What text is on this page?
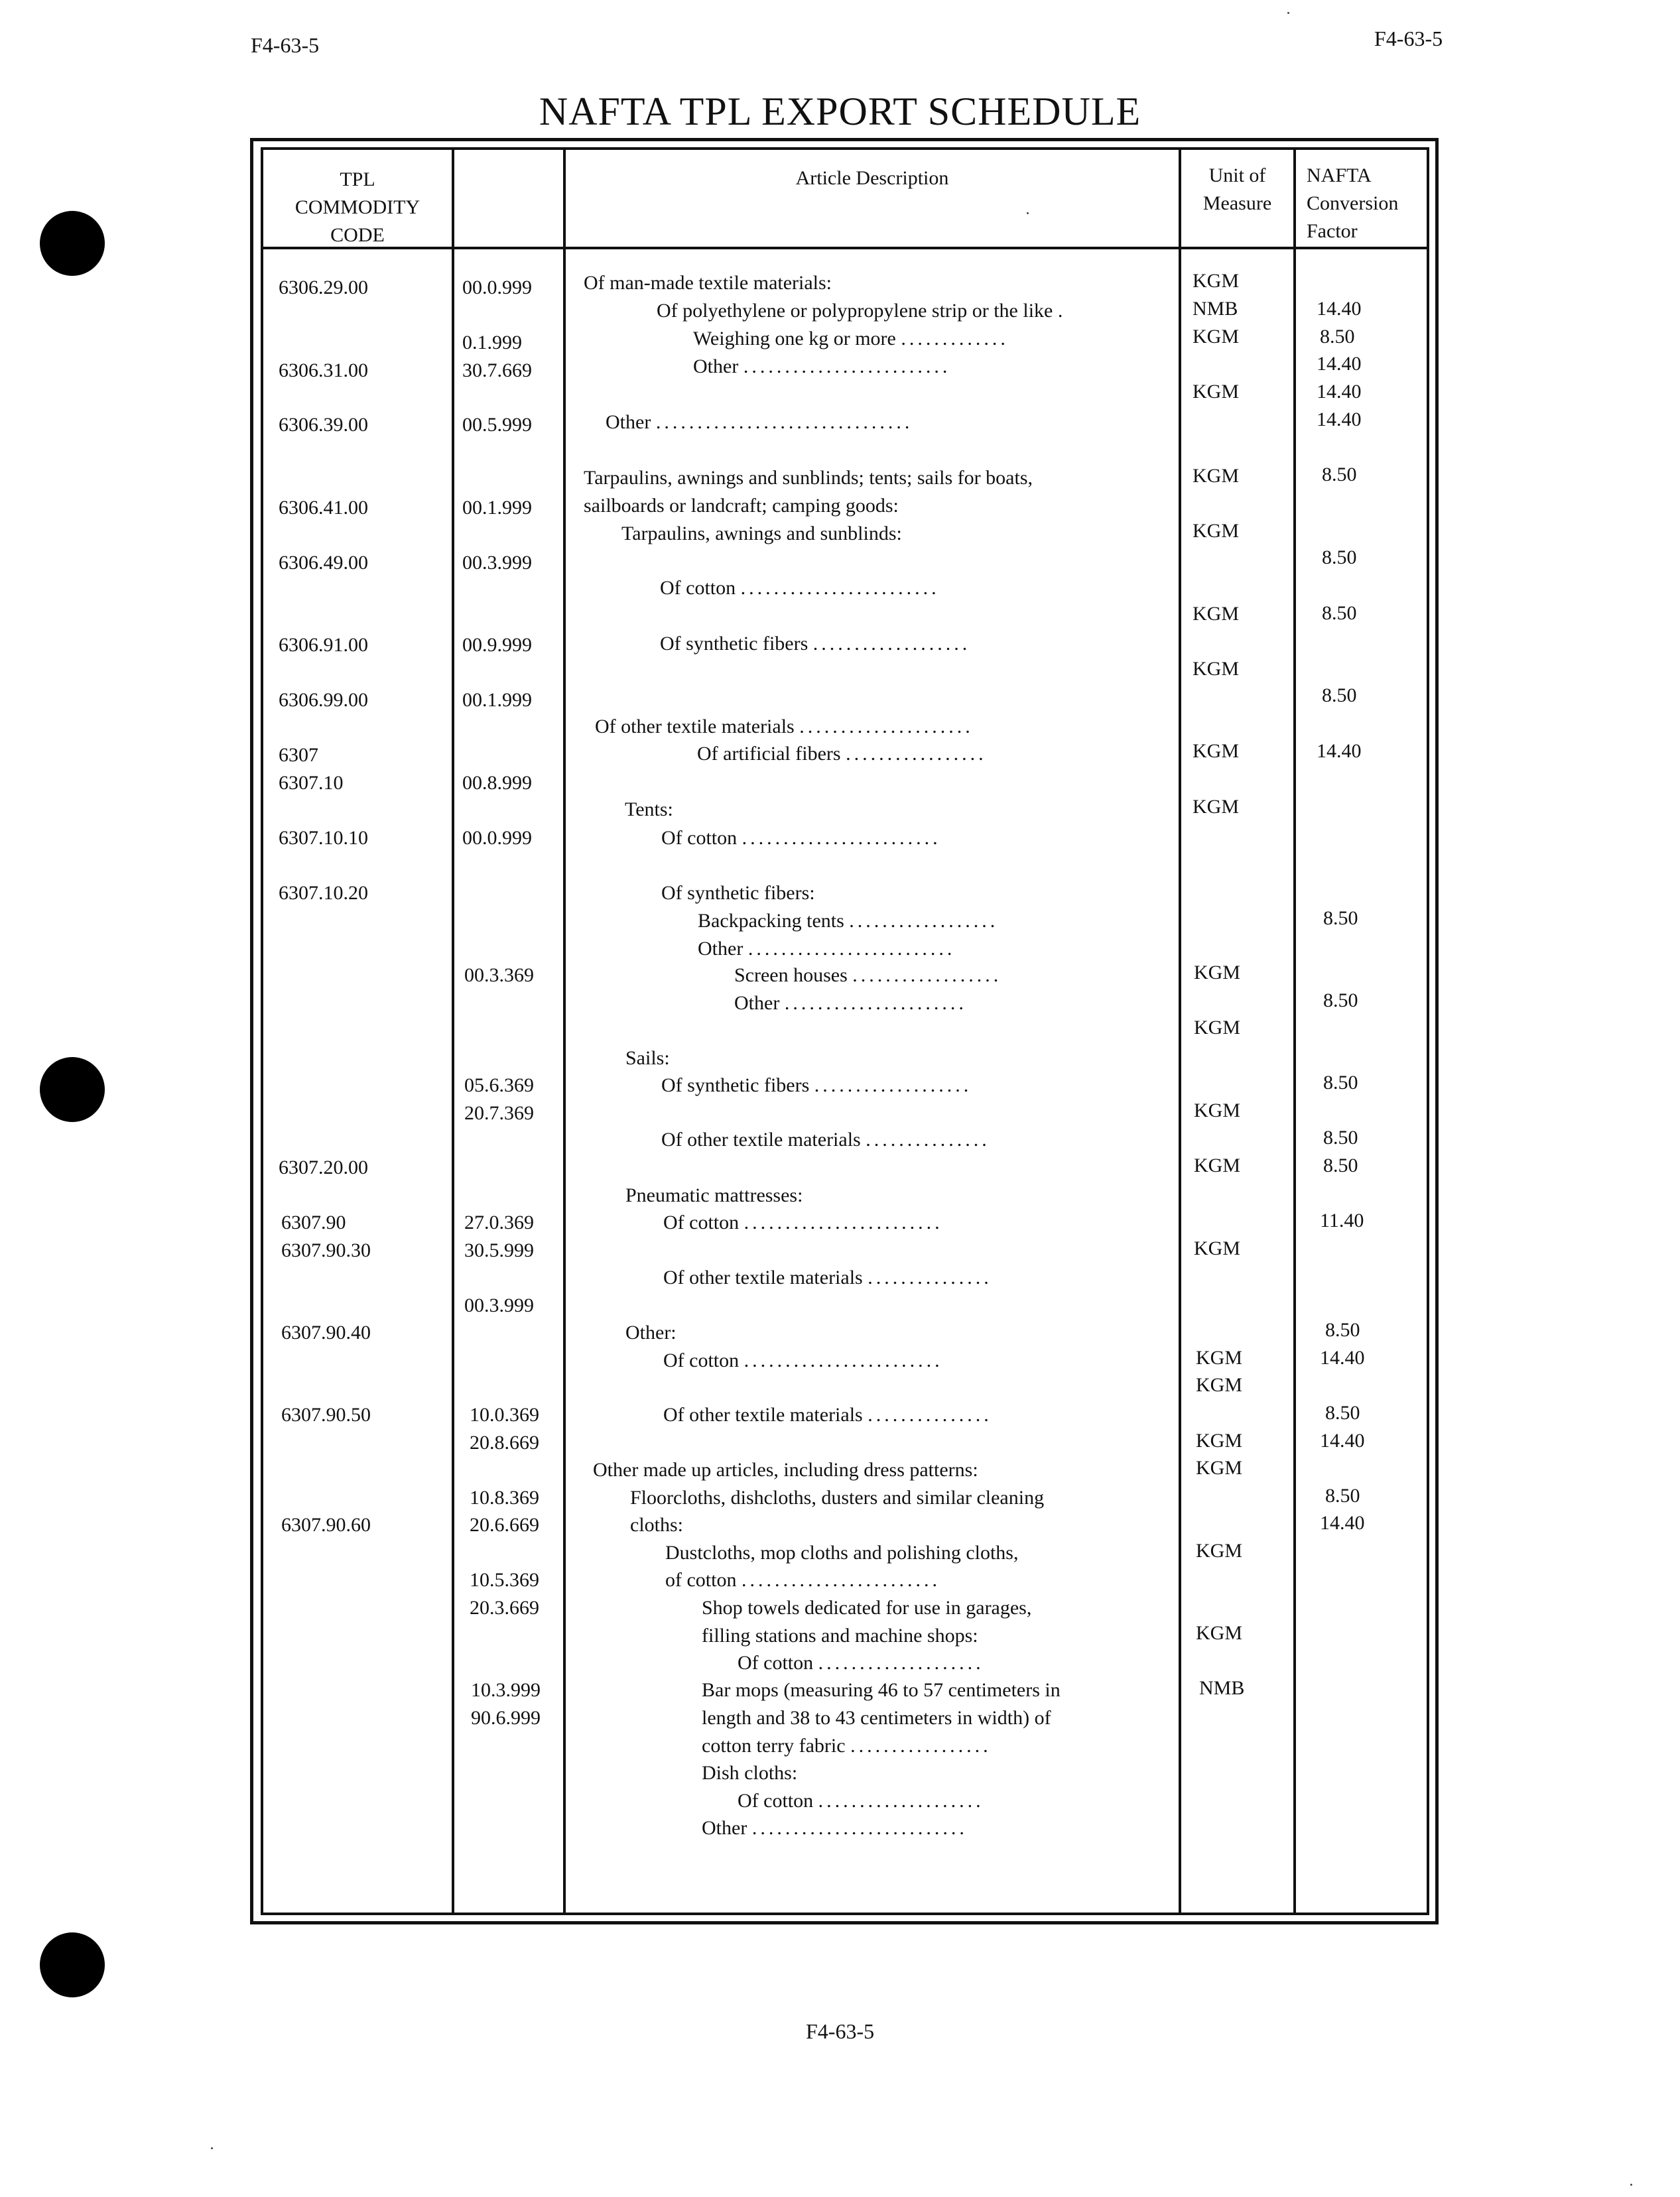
F4-63-5	F4-63-5
NAFTA TPL EXPORT SCHEDULE
TPL
COMMODITY
CODE
Article Description	Unit of
Measure
NAFTA
Conversion
Factor
6306.29.00
6306.31.00
6306.39.00
6306.41.00
6306.49.00
6306.91.00
6306.99.00
6307
6307.10
6307.10.10
6307.10.20
6307.20.00
6307.90
6307.90.30
6307.90.40
6307.90.50
6307.90.60
00.0.999
0.1.999
30.7.669
00.5.999
00.1.999
00.3.999
00.9.999
00.1.999
00.8.999
00.0.999
00.3.369
05.6.369
20.7.369
27.0.369
30.5.999
00.3.999
10.0.369
20.8.669
10.8.369
20.6.669
10.5.369
20.3.669
10.3.999
90.6.999
Of man-made textile materials:
Of polyethylene or polypropylene strip or the like .
Weighing one kg or more .............
Other .........................
Other ...............................
Tarpaulins, awnings and sunblinds; tents; sails for boats,
sailboards or landcraft; camping goods:
Tarpaulins, awnings and sunblinds:
Of cotton ........................
Of synthetic fibers ...................
Of other textile materials .....................
Of artificial fibers .................
Tents:
Of cotton ........................
Of synthetic fibers:
Backpacking tents ..................
Other .........................
Screen houses ..................
Other ......................
Sails:
Of synthetic fibers ...................
Of other textile materials ...............
Pneumatic mattresses:
Of cotton ........................
Of other textile materials ...............
Other:
Of cotton ........................
Of other textile materials ...............
Other made up articles, including dress patterns:
Floorcloths, dishcloths, dusters and similar cleaning
cloths:
Dustcloths, mop cloths and polishing cloths,
of cotton ........................
Shop towels dedicated for use in garages,
filling stations and machine shops:
Of cotton ....................
Bar mops (measuring 46 to 57 centimeters in
length and 38 to 43 centimeters in width) of
cotton terry fabric .................
Dish cloths:
Of cotton ....................
Other ..........................
KGM
NMB
KGM
KGM
KGM
KGM
KGM
KGM
KGM
KGM
KGM
KGM
KGM
KGM
KGM
KGM
KGM
KGM
KGM
KGM
KGM
NMB
14.40
8.50
14.40
14.40
14.40
8.50
8.50
8.50
8.50
14.40
8.50
8.50
8.50
8.50
8.50
11.40
8.50
14.40
8.50
14.40
8.50
14.40
F4-63-5
